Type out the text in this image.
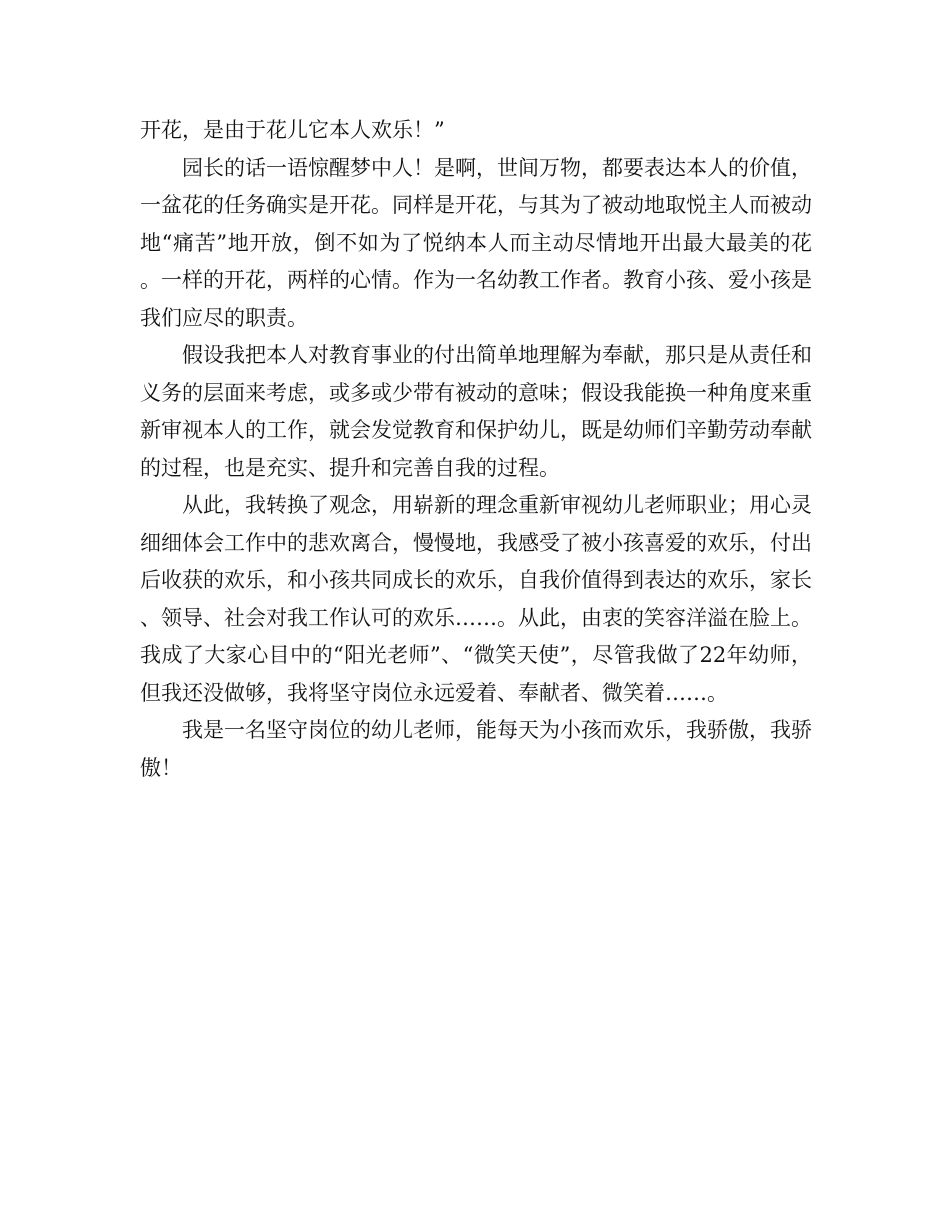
开花，是由于花儿它本人欢乐！”

园长的话一语惊醒梦中人！是啊，世间万物，都要表达本人的价值，一盆花的任务确实是开花。同样是开花，与其为了被动地取悦主人而被动地“痛苦”地开放，倒不如为了悦纳本人而主动尽情地开出最大最美的花。一样的开花，两样的心情。作为一名幼教工作者。教育小孩、爱小孩是我们应尽的职责。

假设我把本人对教育事业的付出简单地理解为奉献，那只是从责任和义务的层面来考虑，或多或少带有被动的意味；假设我能换一种角度来重新审视本人的工作，就会发觉教育和保护幼儿，既是幼师们辛勤劳动奉献的过程，也是充实、提升和完善自我的过程。

从此，我转换了观念，用崭新的理念重新审视幼儿老师职业；用心灵细细体会工作中的悲欢离合，慢慢地，我感受了被小孩喜爱的欢乐，付出后收获的欢乐，和小孩共同成长的欢乐，自我价值得到表达的欢乐，家长、领导、社会对我工作认可的欢乐……。从此，由衷的笑容洋溢在脸上。我成了大家心目中的“阳光老师”、“微笑天使”，尽管我做了22年幼师，但我还没做够，我将坚守岗位永远爱着、奉献者、微笑着……。

我是一名坚守岗位的幼儿老师，能每天为小孩而欢乐，我骄傲，我骄傲！
